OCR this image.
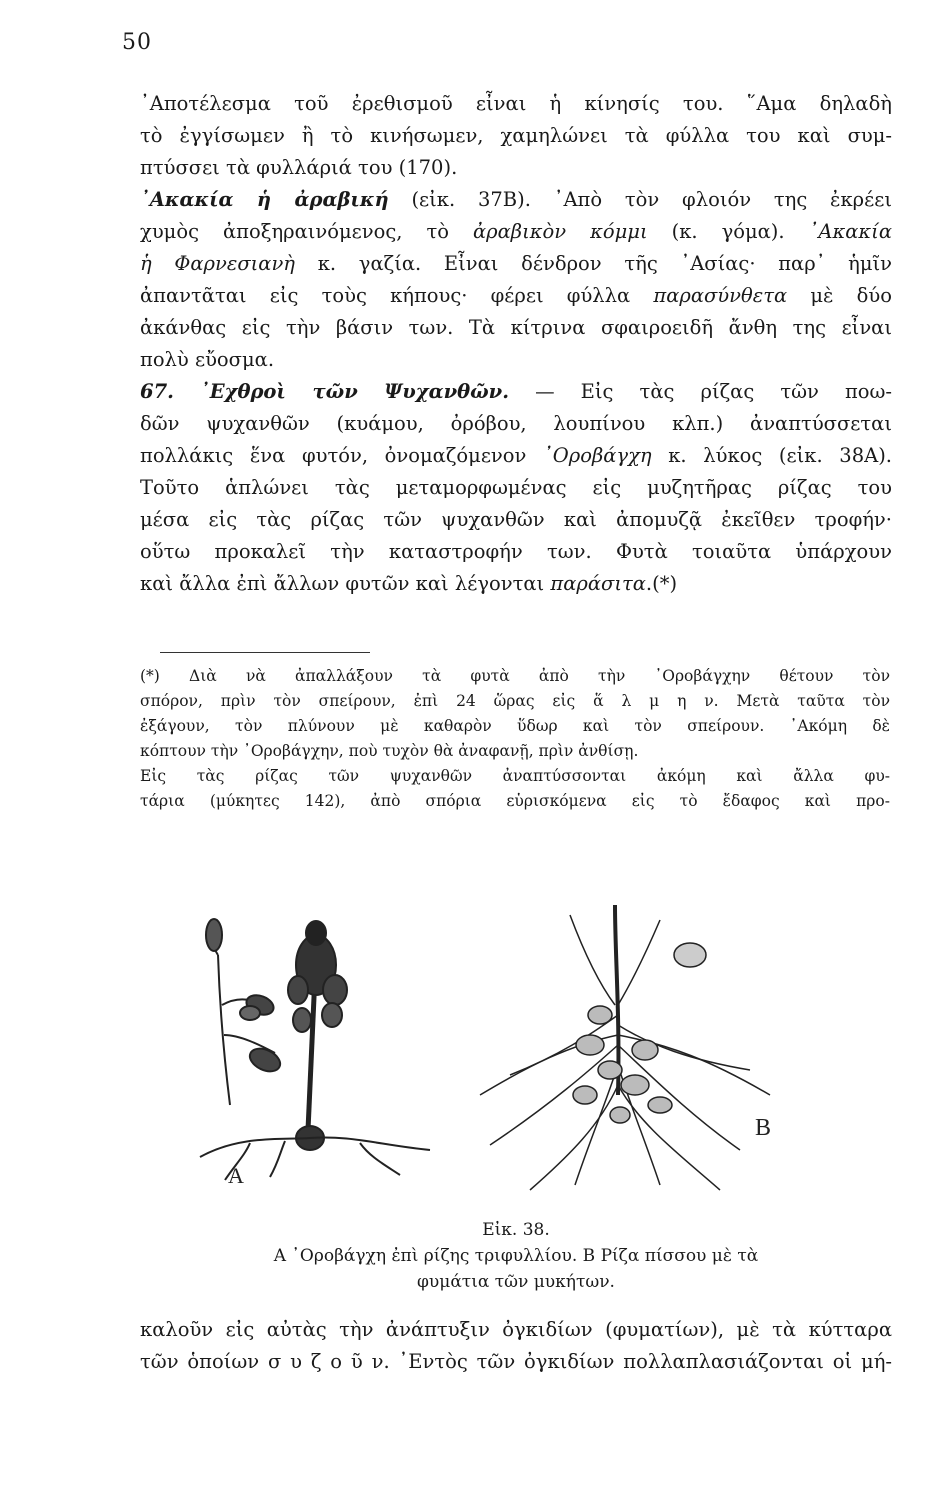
50
᾿Αποτέλεσμα τοῦ ἐρεθισμοῦ εἶναι ἡ κίνησίς του. ῞Αμα δηλαδὴ
τὸ ἐγγίσωμεν ἢ τὸ κινήσωμεν, χαμηλώνει τὰ φύλλα του καὶ συμ-
πτύσσει τὰ φυλλάριά του (170).
᾿Ακακία ἡ ἀραβική (εἰκ. 37Β). ᾿Απὸ τὸν φλοιόν της ἐκρέει
χυμὸς ἀποξηραινόμενος, τὸ ἀραβικὸν κόμμι (κ. γόμα). ᾿Ακακία
ἡ Φαρνεσιανὴ κ. γαζία. Εἶναι δένδρον τῆς ᾿Ασίας· παρ᾿ ἡμῖν
ἀπαντᾶται εἰς τοὺς κήπους· φέρει φύλλα παρασύνθετα μὲ δύο
ἀκάνθας εἰς τὴν βάσιν των. Τὰ κίτρινα σφαιροειδῆ ἄνθη της εἶναι
πολὺ εὔοσμα.
67. ᾿Εχθροὶ τῶν Ψυχανθῶν. — Εἰς τὰς ρίζας τῶν ποω-
δῶν ψυχανθῶν (κυάμου, ὀρόβου, λουπίνου κλπ.) ἀναπτύσσεται
πολλάκις ἕνα φυτόν, ὀνομαζόμενον ᾿Οροβάγχη κ. λύκος (εἰκ. 38Α).
Τοῦτο ἁπλώνει τὰς μεταμορφωμένας εἰς μυζητῆρας ρίζας του
μέσα εἰς τὰς ρίζας τῶν ψυχανθῶν καὶ ἀπομυζᾷ ἐκεῖθεν τροφήν·
οὕτω προκαλεῖ τὴν καταστροφήν των. Φυτὰ τοιαῦτα ὑπάρχουν
καὶ ἄλλα ἐπὶ ἄλλων φυτῶν καὶ λέγονται παράσιτα.(*)
(*) Διὰ νὰ ἀπαλλάξουν τὰ φυτὰ ἀπὸ τὴν ᾿Οροβάγχην θέτουν τὸν
σπόρον, πρὶν τὸν σπείρουν, ἐπὶ 24 ὥρας εἰς ἅ λ μ η ν. Μετὰ ταῦτα τὸν
ἐξάγουν, τὸν πλύνουν μὲ καθαρὸν ὕδωρ καὶ τὸν σπείρουν. ᾿Ακόμη δὲ
κόπτουν τὴν ᾿Οροβάγχην, ποὺ τυχὸν θὰ ἀναφανῇ, πρὶν ἀνθίσῃ.
Εἰς τὰς ρίζας τῶν ψυχανθῶν ἀναπτύσσονται ἀκόμη καὶ ἄλλα φυ-
τάρια (μύκητες 142), ἀπὸ σπόρια εὑρισκόμενα εἰς τὸ ἔδαφος καὶ προ-
A
B
Εἰκ. 38.
Α ᾿Οροβάγχη ἐπὶ ρίζης τριφυλλίου. Β Ρίζα πίσσου μὲ τὰ
φυμάτια τῶν μυκήτων.
καλοῦν εἰς αὐτὰς τὴν ἀνάπτυξιν ὀγκιδίων (φυματίων), μὲ τὰ κύτταρα
τῶν ὁποίων σ υ ζ ο ῦ ν. ᾿Εντὸς τῶν ὀγκιδίων πολλαπλασιάζονται οἱ μή-
